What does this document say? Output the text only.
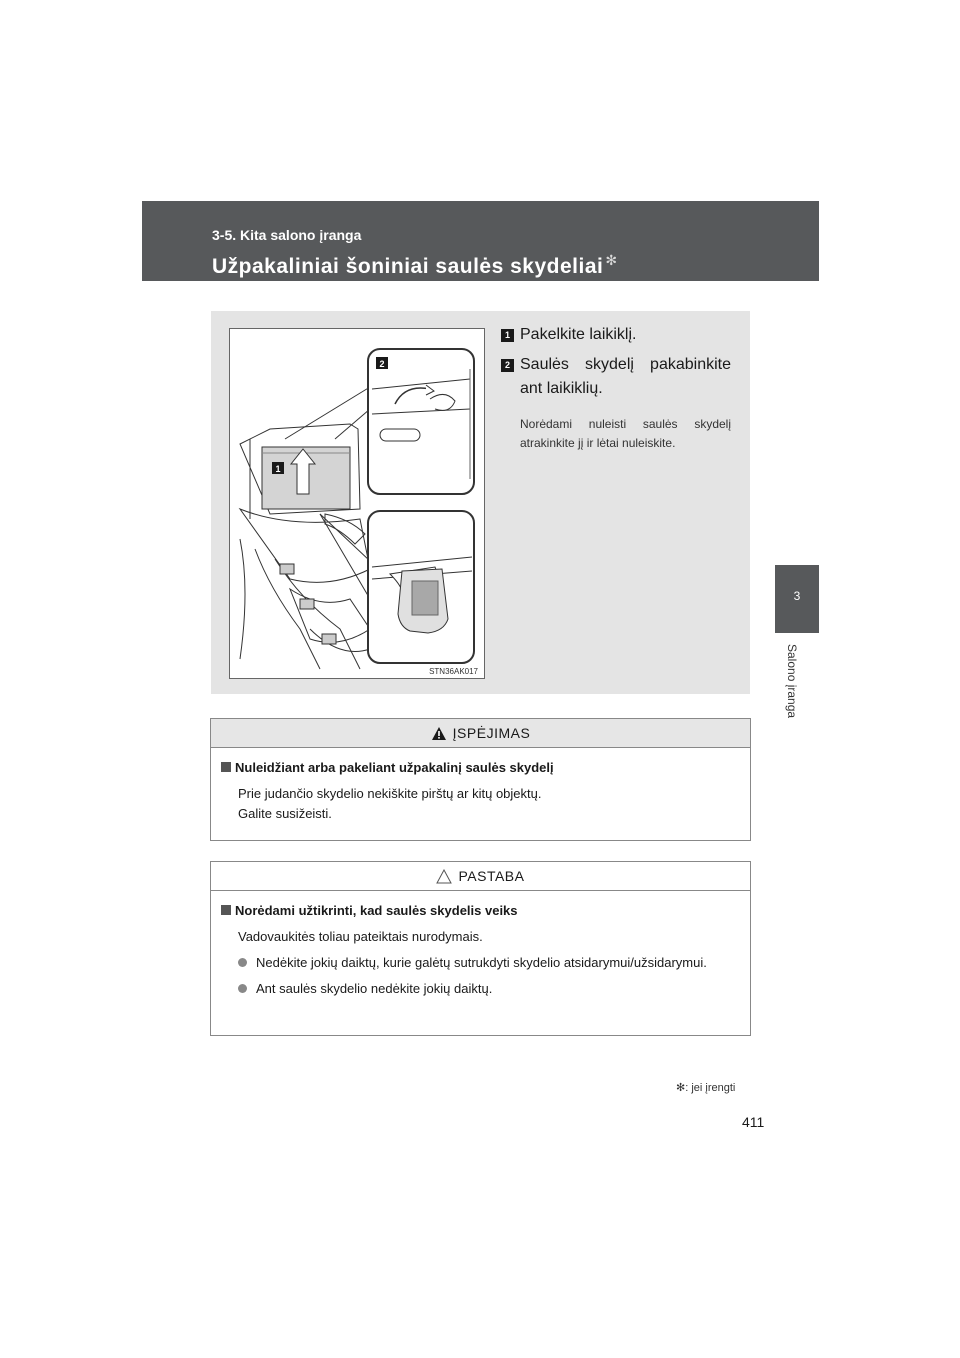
3-5. Kita salono įranga
Užpakaliniai šoniniai saulės skydeliai ✻
3
Salono įranga
2
1
STN36AK017
1 Pakelkite laikiklį.
2 Saulės skydelį pakabinkite ant laikiklių.
Norėdami nuleisti saulės skydelį atrakinkite jį ir lėtai nuleiskite.
ĮSPĖJIMAS
Nuleidžiant arba pakeliant užpakalinį saulės skydelį
Prie judančio skydelio nekiškite pirštų ar kitų objektų.
Galite susižeisti.
PASTABA
Norėdami užtikrinti, kad saulės skydelis veiks
Vadovaukitės toliau pateiktais nurodymais.
Nedėkite jokių daiktų, kurie galėtų sutrukdyti skydelio atsidarymui/užsidarymui.
Ant saulės skydelio nedėkite jokių daiktų.
✻: jei įrengti
411
